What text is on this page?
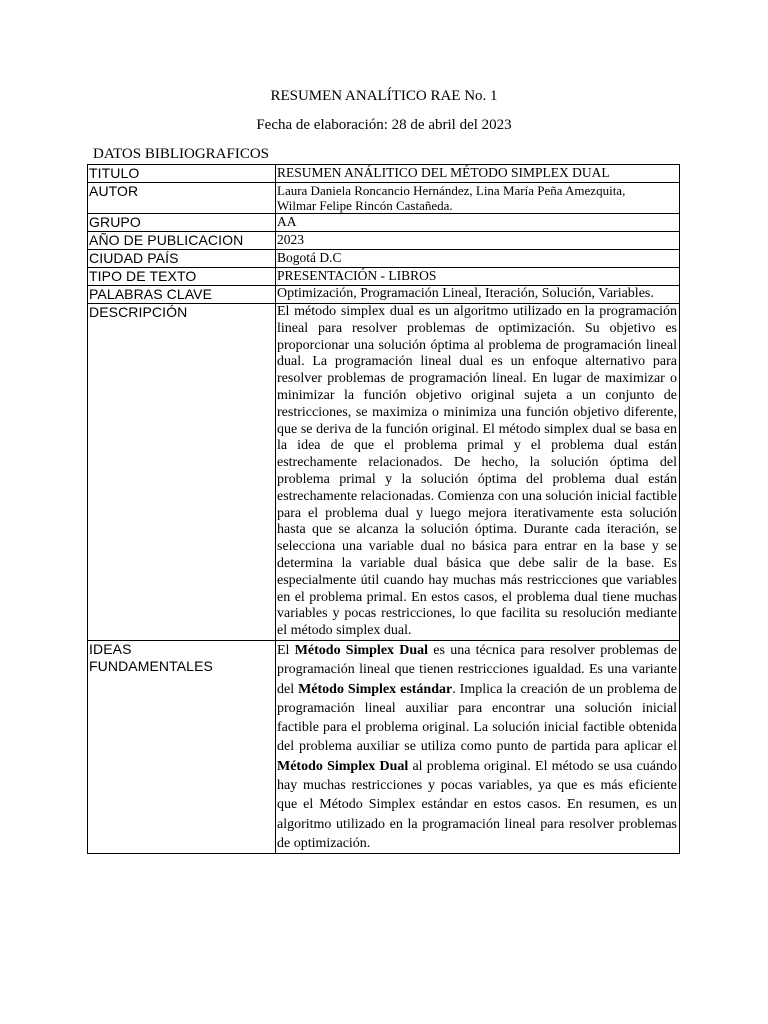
RESUMEN ANALÍTICO RAE No. 1
Fecha de elaboración: 28 de abril del 2023
DATOS BIBLIOGRAFICOS
TITULO	RESUMEN ANÁLITICO DEL MÉTODO SIMPLEX DUAL
AUTOR	Laura Daniela Roncancio Hernández, Lina María Peña Amezquita,
Wilmar Felipe Rincón Castañeda.
GRUPO	AA
AÑO DE PUBLICACION	2023
CIUDAD PAÍS	Bogotá D.C
TIPO DE TEXTO	PRESENTACIÓN - LIBROS
PALABRAS CLAVE	Optimización, Programación Lineal, Iteración, Solución, Variables.
DESCRIPCIÓN	El método simplex dual es un algoritmo utilizado en la programación lineal para resolver problemas de optimización. Su objetivo es proporcionar una solución óptima al problema de programación lineal dual. La programación lineal dual es un enfoque alternativo para resolver problemas de programación lineal. En lugar de maximizar o minimizar la función objetivo original sujeta a un conjunto de restricciones, se maximiza o minimiza una función objetivo diferente, que se deriva de la función original. El método simplex dual se basa en la idea de que el problema primal y el problema dual están estrechamente relacionados. De hecho, la solución óptima del problema primal y la solución óptima del problema dual están estrechamente relacionadas. Comienza con una solución inicial factible para el problema dual y luego mejora iterativamente esta solución hasta que se alcanza la solución óptima. Durante cada iteración, se selecciona una variable dual no básica para entrar en la base y se determina la variable dual básica que debe salir de la base. Es especialmente útil cuando hay muchas más restricciones que variables en el problema primal. En estos casos, el problema dual tiene muchas variables y pocas restricciones, lo que facilita su resolución mediante el método simplex dual.
IDEAS
FUNDAMENTALES	El Método Simplex Dual es una técnica para resolver problemas de programación lineal que tienen restricciones igualdad. Es una variante del Método Simplex estándar. Implica la creación de un problema de programación lineal auxiliar para encontrar una solución inicial factible para el problema original. La solución inicial factible obtenida del problema auxiliar se utiliza como punto de partida para aplicar el Método Simplex Dual al problema original. El método se usa cuándo hay muchas restricciones y pocas variables, ya que es más eficiente que el Método Simplex estándar en estos casos. En resumen, es un algoritmo utilizado en la programación lineal para resolver problemas de optimización.
